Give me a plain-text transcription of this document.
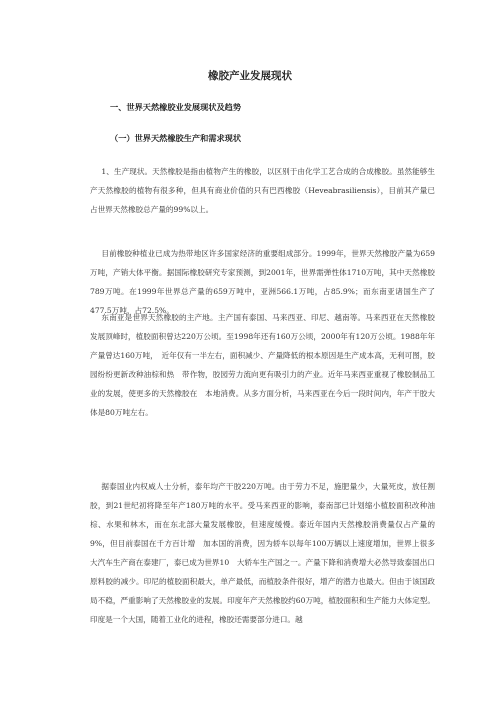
橡胶产业发展现状
一、世界天然橡胶业发展现状及趋势
（一）世界天然橡胶生产和需求现状

1、生产现状。天然橡胶是指由植物产生的橡胶，以区别于由化学工艺合成的合成橡胶。虽然能够生产天然橡胶的植物有很多种，但具有商业价值的只有巴西橡胶（Heveabrasiliensis），目前其产量已占世界天然橡胶总产量的99%以上。

目前橡胶种植业已成为热带地区许多国家经济的重要组成部分。1999年，世界天然橡胶产量为659万吨，产销大体平衡。据国际橡胶研究专家预测，到2001年，世界需弹性体1710万吨，其中天然橡胶789万吨。在1999年世界总产量的659万吨中，亚洲566.1万吨，占85.9%；而东南亚诸国生产了477.5万吨，占72.5%。

东南亚是世界天然橡胶的主产地。主产国有泰国、马来西亚、印尼、越南等。马来西亚在天然橡胶发展顶峰时，植胶面积曾达220万公顷。至1998年还有160万公顷，2000年有120万公顷。1988年年产量曾达160万吨，　近年仅有一半左右，面积减少、产量降低的根本原因是生产成本高，无利可图，胶园纷纷更新改种油棕和热　带作物，胶园劳力流向更有吸引力的产业。近年马来西亚重视了橡胶制品工业的发展，使更多的天然橡胶在　本地消费。从多方面分析，马来西亚在今后一段时间内，年产干胶大体是80万吨左右。

据泰国业内权威人士分析，泰年均产干胶220万吨。由于劳力不足，施肥量少，大量死皮，放任割胶，到21世纪初将降至年产180万吨的水平。受马来西亚的影响，泰南部已计划缩小植胶面积改种油棕、水果和林木，而在东北部大量发展橡胶，但速度缓慢。泰近年国内天然橡胶消费量仅占产量的9%，但目前泰国在千方百计增　加本国的消费，因为轿车以每年100万辆以上速度增加，世界上很多大汽车生产商在泰建厂，泰已成为世界10　大轿车生产国之一。产量下降和消费增大必然导致泰国出口原料胶的减少。印尼的植胶面积最大，单产最低，而植胶条件很好，增产的潜力也最大。但由于该国政局不稳，严重影响了天然橡胶业的发展。印度年产天然橡胶约60万吨，植胶面积和生产能力大体定型。印度是一个大国，随着工业化的进程，橡胶还需要部分进口。越
